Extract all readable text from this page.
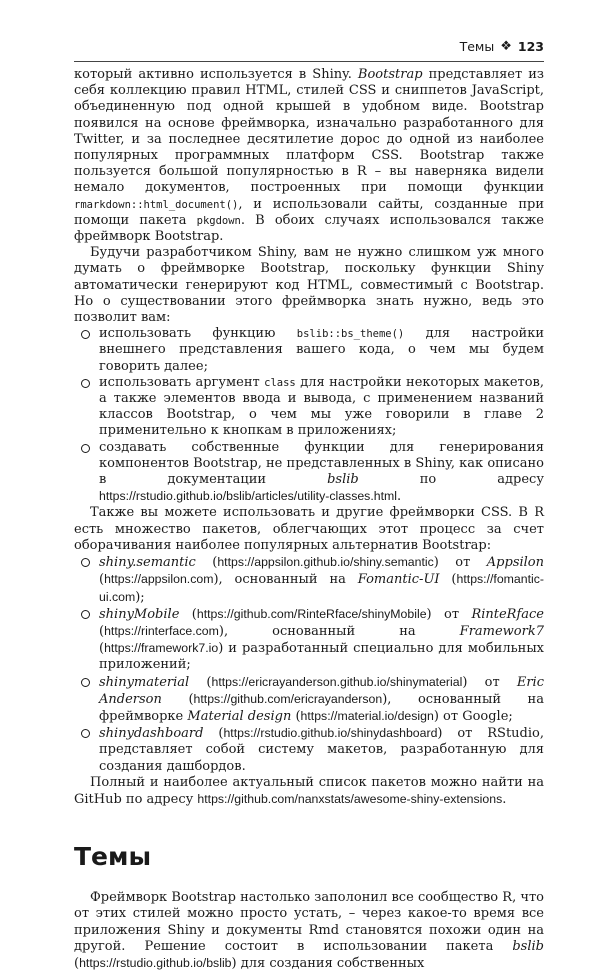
Темы ❖ 123

который активно используется в Shiny. Bootstrap представляет из себя коллекцию правил HTML, стилей CSS и сниппетов JavaScript, объединенную под одной крышей в удобном виде. Bootstrap появился на основе фреймворка, изначально разработанного для Twitter, и за последнее десятилетие дорос до одной из наиболее популярных программных платформ CSS. Bootstrap также пользуется большой популярностью в R – вы наверняка видели немало документов, построенных при помощи функции rmarkdown::html_document(), и использовали сайты, созданные при помощи пакета pkgdown. В обоих случаях использовался также фреймворк Bootstrap.

Будучи разработчиком Shiny, вам не нужно слишком уж много думать о фреймворке Bootstrap, поскольку функции Shiny автоматически генерируют код HTML, совместимый с Bootstrap. Но о существовании этого фреймворка знать нужно, ведь это позволит вам:

использовать функцию bslib::bs_theme() для настройки внешнего представления вашего кода, о чем мы будем говорить далее;
использовать аргумент class для настройки некоторых макетов, а также элементов ввода и вывода, с применением названий классов Bootstrap, о чем мы уже говорили в главе 2 применительно к кнопкам в приложениях;
создавать собственные функции для генерирования компонентов Bootstrap, не представленных в Shiny, как описано в документации bslib по адресу https://rstudio.github.io/bslib/articles/utility-classes.html.

Также вы можете использовать и другие фреймворки CSS. В R есть множество пакетов, облегчающих этот процесс за счет оборачивания наиболее популярных альтернатив Bootstrap:

shiny.semantic (https://appsilon.github.io/shiny.semantic) от Appsilon (https://appsilon.com), основанный на Fomantic-UI (https://fomantic-ui.com);
shinyMobile (https://github.com/RinteRface/shinyMobile) от RinteRface (https://rinterface.com), основанный на Framework7 (https://framework7.io) и разработанный специально для мобильных приложений;
shinymaterial (https://ericrayanderson.github.io/shinymaterial) от Eric Anderson (https://github.com/ericrayanderson), основанный на фреймворке Material design (https://material.io/design) от Google;
shinydashboard (https://rstudio.github.io/shinydashboard) от RStudio, представляет собой систему макетов, разработанную для создания дашбордов.

Полный и наиболее актуальный список пакетов можно найти на GitHub по адресу https://github.com/nanxstats/awesome-shiny-extensions.

Темы

Фреймворк Bootstrap настолько заполонил все сообщество R, что от этих стилей можно просто устать, – через какое-то время все приложения Shiny и документы Rmd становятся похожи один на другой. Решение состоит в использовании пакета bslib (https://rstudio.github.io/bslib) для создания собственных
